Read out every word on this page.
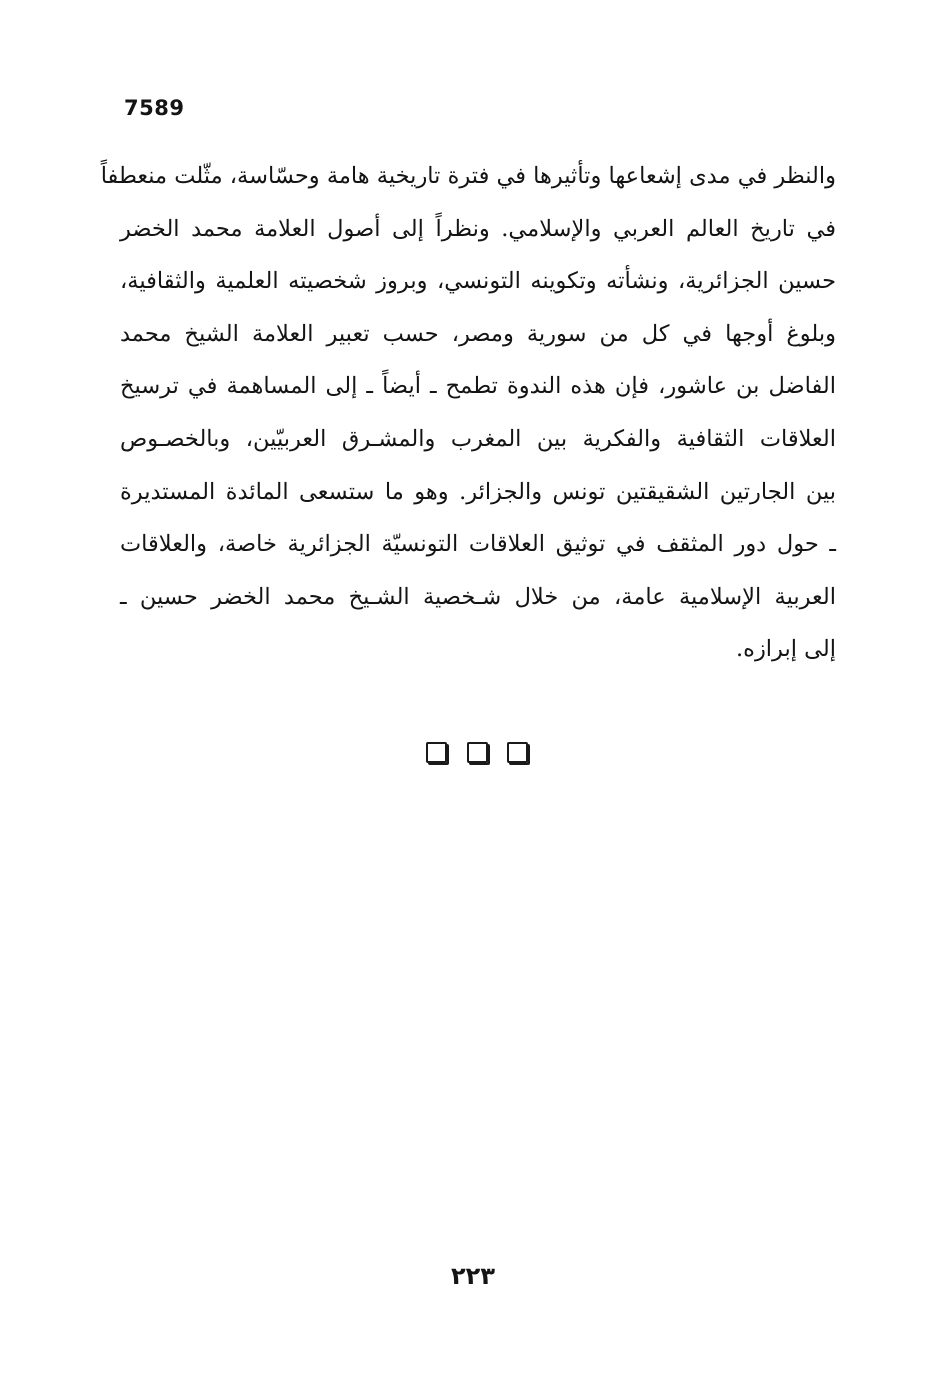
7589
والنظر في مدى إشعاعها وتأثيرها في فترة تاريخية هامة وحسّاسة، مثّلت منعطفاً
في تاريخ العالم العربي والإسلامي. ونظراً إلى أصول العلامة محمد الخضر
حسين الجزائرية، ونشأته وتكوينه التونسي، وبروز شخصيته العلمية والثقافية،
وبلوغ أوجها في كل من سورية ومصر، حسب تعبير العلامة الشيخ محمد
الفاضل بن عاشور، فإن هذه الندوة تطمح ـ أيضاً ـ إلى المساهمة في ترسيخ
العلاقات الثقافية والفكرية بين المغرب والمشـرق العربيّين، وبالخصـوص
بين الجارتين الشقيقتين تونس والجزائر. وهو ما ستسعى المائدة المستديرة
ـ حول دور المثقف في توثيق العلاقات التونسيّة الجزائرية خاصة، والعلاقات
العربية الإسلامية عامة، من خلال شـخصية الشـيخ محمد الخضر حسين ـ
إلى إبرازه.
٢٢٣
